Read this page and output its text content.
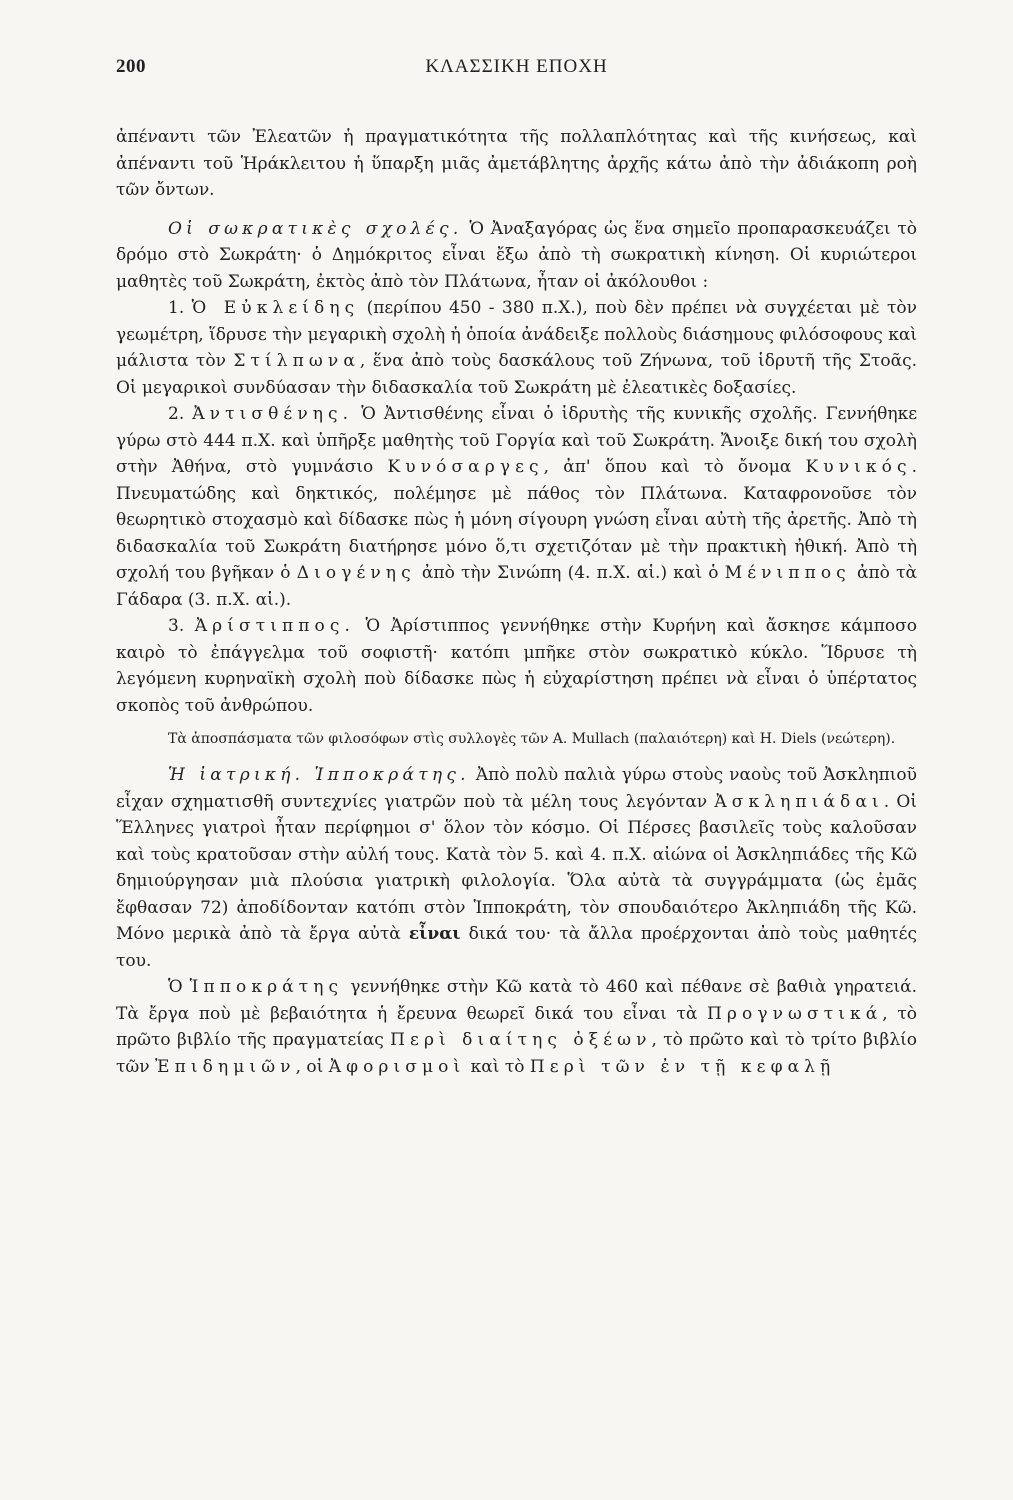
200	ΚΛΑΣΣΙΚΗ ΕΠΟΧΗ

ἀπέναντι τῶν Ἐλεατῶν ἡ πραγματικότητα τῆς πολλαπλότητας καὶ τῆς κινήσεως, καὶ ἀπέναντι τοῦ Ἡράκλειτου ἡ ὕπαρξη μιᾶς ἀμετάβλητης ἀρχῆς κάτω ἀπὸ τὴν ἀδιάκοπη ροὴ τῶν ὄντων.

Οἱ σωκρατικὲς σχολές. Ὁ Ἀναξαγόρας ὡς ἕνα σημεῖο προπαρασκευάζει τὸ δρόμο στὸ Σωκράτη· ὁ Δημόκριτος εἶναι ἔξω ἀπὸ τὴ σωκρατικὴ κίνηση. Οἱ κυριώτεροι μαθητὲς τοῦ Σωκράτη, ἐκτὸς ἀπὸ τὸν Πλάτωνα, ἦταν οἱ ἀκόλουθοι :

1. Ὁ Εὐκλείδης (περίπου 450 - 380 π.Χ.), ποὺ δὲν πρέπει νὰ συγχέεται μὲ τὸν γεωμέτρη, ἵδρυσε τὴν μεγαρικὴ σχολὴ ἡ ὁποία ἀνάδειξε πολλοὺς διάσημους φιλόσοφους καὶ μάλιστα τὸν Στίλπωνα, ἕνα ἀπὸ τοὺς δασκάλους τοῦ Ζήνωνα, τοῦ ἱδρυτῆ τῆς Στοᾶς. Οἱ μεγαρικοὶ συνδύασαν τὴν διδασκαλία τοῦ Σωκράτη μὲ ἐλεατικὲς δοξασίες.

2. Ἀντισθένης. Ὁ Ἀντισθένης εἶναι ὁ ἱδρυτὴς τῆς κυνικῆς σχολῆς. Γεννήθηκε γύρω στὸ 444 π.Χ. καὶ ὑπῆρξε μαθητὴς τοῦ Γοργία καὶ τοῦ Σωκράτη. Ἄνοιξε δική του σχολὴ στὴν Ἀθήνα, στὸ γυμνάσιο Κυνόσαργες, ἀπ' ὅπου καὶ τὸ ὄνομα Κυνικός. Πνευματώδης καὶ δηκτικός, πολέμησε μὲ πάθος τὸν Πλάτωνα. Καταφρονοῦσε τὸν θεωρητικὸ στοχασμὸ καὶ δίδασκε πὼς ἡ μόνη σίγουρη γνώση εἶναι αὐτὴ τῆς ἀρετῆς. Ἀπὸ τὴ διδασκαλία τοῦ Σωκράτη διατήρησε μόνο ὅ,τι σχετιζόταν μὲ τὴν πρακτικὴ ἠθική. Ἀπὸ τὴ σχολή του βγῆκαν ὁ Διογένης ἀπὸ τὴν Σινώπη (4. π.Χ. αἱ.) καὶ ὁ Μένιππος ἀπὸ τὰ Γάδαρα (3. π.Χ. αἱ.).

3. Ἀρίστιππος. Ὁ Ἀρίστιππος γεννήθηκε στὴν Κυρήνη καὶ ἄσκησε κάμποσο καιρὸ τὸ ἐπάγγελμα τοῦ σοφιστῆ· κατόπι μπῆκε στὸν σωκρατικὸ κύκλο. Ἵδρυσε τὴ λεγόμενη κυρηναϊκὴ σχολὴ ποὺ δίδασκε πὼς ἡ εὐχαρίστηση πρέπει νὰ εἶναι ὁ ὑπέρτατος σκοπὸς τοῦ ἀνθρώπου.

Τὰ ἀποσπάσματα τῶν φιλοσόφων στὶς συλλογὲς τῶν A. Mullach (παλαιότερη) καὶ H. Diels (νεώτερη).

Ἡ ἰατρική. Ἱπποκράτης. Ἀπὸ πολὺ παλιὰ γύρω στοὺς ναοὺς τοῦ Ἀσκληπιοῦ εἶχαν σχηματισθῆ συντεχνίες γιατρῶν ποὺ τὰ μέλη τους λεγόνταν Ἀσκληπιάδαι. Οἱ Ἕλληνες γιατροὶ ἦταν περίφημοι σ' ὅλον τὸν κόσμο. Οἱ Πέρσες βασιλεῖς τοὺς καλοῦσαν καὶ τοὺς κρατοῦσαν στὴν αὐλή τους. Κατὰ τὸν 5. καὶ 4. π.Χ. αἰώνα οἱ Ἀσκληπιάδες τῆς Κῶ δημιούργησαν μιὰ πλούσια γιατρικὴ φιλολογία. Ὅλα αὐτὰ τὰ συγγράμματα (ὡς ἐμᾶς ἔφθασαν 72) ἀποδίδονταν κατόπι στὸν Ἱπποκράτη, τὸν σπουδαιότερο Ἀκληπιάδη τῆς Κῶ. Μόνο μερικὰ ἀπὸ τὰ ἔργα αὐτὰ εἶναι δικά του· τὰ ἄλλα προέρχονται ἀπὸ τοὺς μαθητές του.

Ὁ Ἱπποκράτης γεννήθηκε στὴν Κῶ κατὰ τὸ 460 καὶ πέθανε σὲ βαθιὰ γηρατειά. Τὰ ἔργα ποὺ μὲ βεβαιότητα ἡ ἔρευνα θεωρεῖ δικά του εἶναι τὰ Προγνωστικά, τὸ πρῶτο βιβλίο τῆς πραγματείας Περὶ διαίτης ὀξέων, τὸ πρῶτο καὶ τὸ τρίτο βιβλίο τῶν Ἐπιδημιῶν, οἱ Ἀφορισμοὶ καὶ τὸ Περὶ τῶν ἐν τῇ κεφαλῇ
